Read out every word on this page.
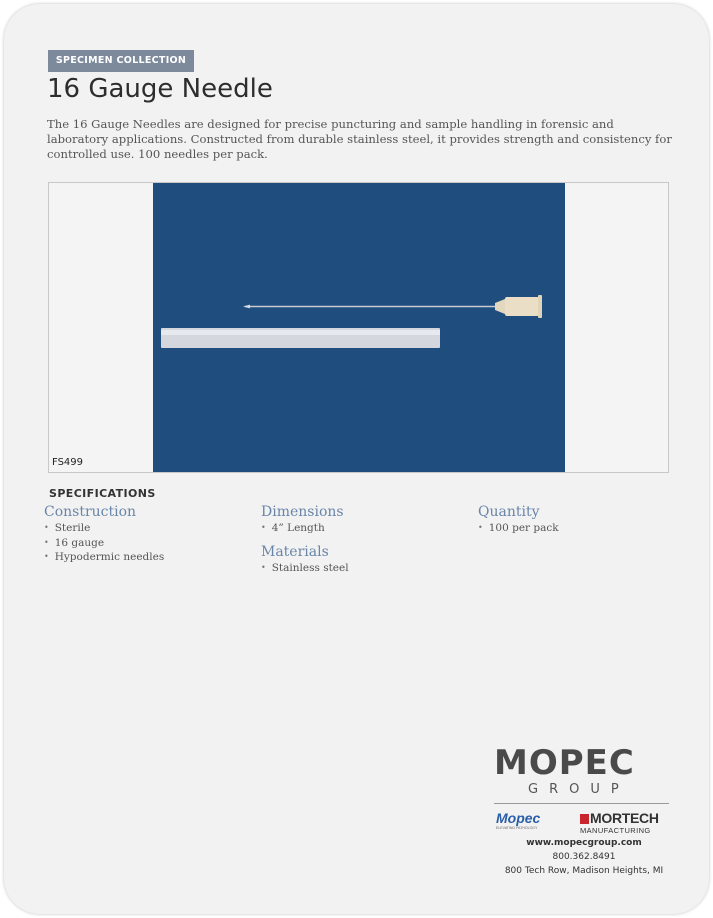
SPECIMEN COLLECTION
16 Gauge Needle

The 16 Gauge Needles are designed for precise puncturing and sample handling in forensic and laboratory applications. Constructed from durable stainless steel, it provides strength and consistency for controlled use. 100 needles per pack.

FS499
SPECIFICATIONS
Construction
• Sterile
• 16 gauge
• Hypodermic needles
Dimensions
• 4” Length
Materials
• Stainless steel
Quantity
• 100 per pack
MOPEC
GROUP
Mopec
ELEVATING PATHOLOGY
MORTECH
MANUFACTURING
www.mopecgroup.com
800.362.8491
800 Tech Row, Madison Heights, MI
